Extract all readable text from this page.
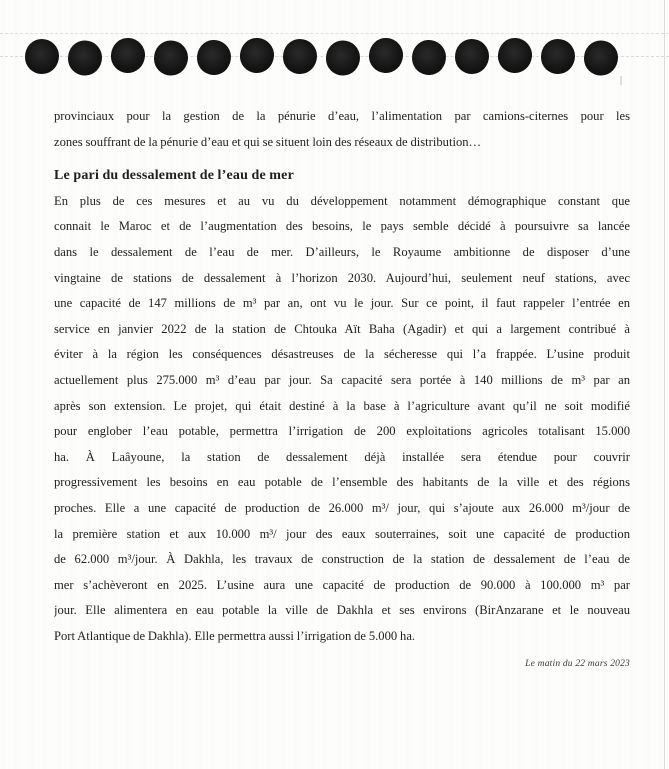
provinciaux pour la gestion de la pénurie d’eau, l’alimentation par camions-citernes pour les
zones souffrant de la pénurie d’eau et qui se situent loin des réseaux de distribution…
Le pari du dessalement de l’eau de mer
En plus de ces mesures et au vu du développement notamment démographique constant que
connait le Maroc et de l’augmentation des besoins, le pays semble décidé à poursuivre sa lancée
dans le dessalement de l’eau de mer. D’ailleurs, le Royaume ambitionne de disposer d’une
vingtaine de stations de dessalement à l’horizon 2030. Aujourd’hui, seulement neuf stations, avec
une capacité de 147 millions de m³ par an, ont vu le jour. Sur ce point, il faut rappeler l’entrée en
service en janvier 2022 de la station de Chtouka Aït Baha (Agadir) et qui a largement contribué à
éviter à la région les conséquences désastreuses de la sécheresse qui l’a frappée. L’usine produit
actuellement plus 275.000 m³ d’eau par jour. Sa capacité sera portée à 140 millions de m³ par an
après son extension. Le projet, qui était destiné à la base à l’agriculture avant qu’il ne soit modifié
pour englober l’eau potable, permettra l’irrigation de 200 exploitations agricoles totalisant 15.000
ha. À Laâyoune, la station de dessalement déjà installée sera étendue pour couvrir
progressivement les besoins en eau potable de l’ensemble des habitants de la ville et des régions
proches. Elle a une capacité de production de 26.000 m³/ jour, qui s’ajoute aux 26.000 m³/jour de
la première station et aux 10.000 m³/ jour des eaux souterraines, soit une capacité de production
de 62.000 m³/jour. À Dakhla, les travaux de construction de la station de dessalement de l’eau de
mer s’achèveront en 2025. L’usine aura une capacité de production de 90.000 à 100.000 m³ par
jour. Elle alimentera en eau potable la ville de Dakhla et ses environs (BirAnzarane et le nouveau
Port Atlantique de Dakhla). Elle permettra aussi l’irrigation de 5.000 ha.
Le matin du 22 mars 2023
